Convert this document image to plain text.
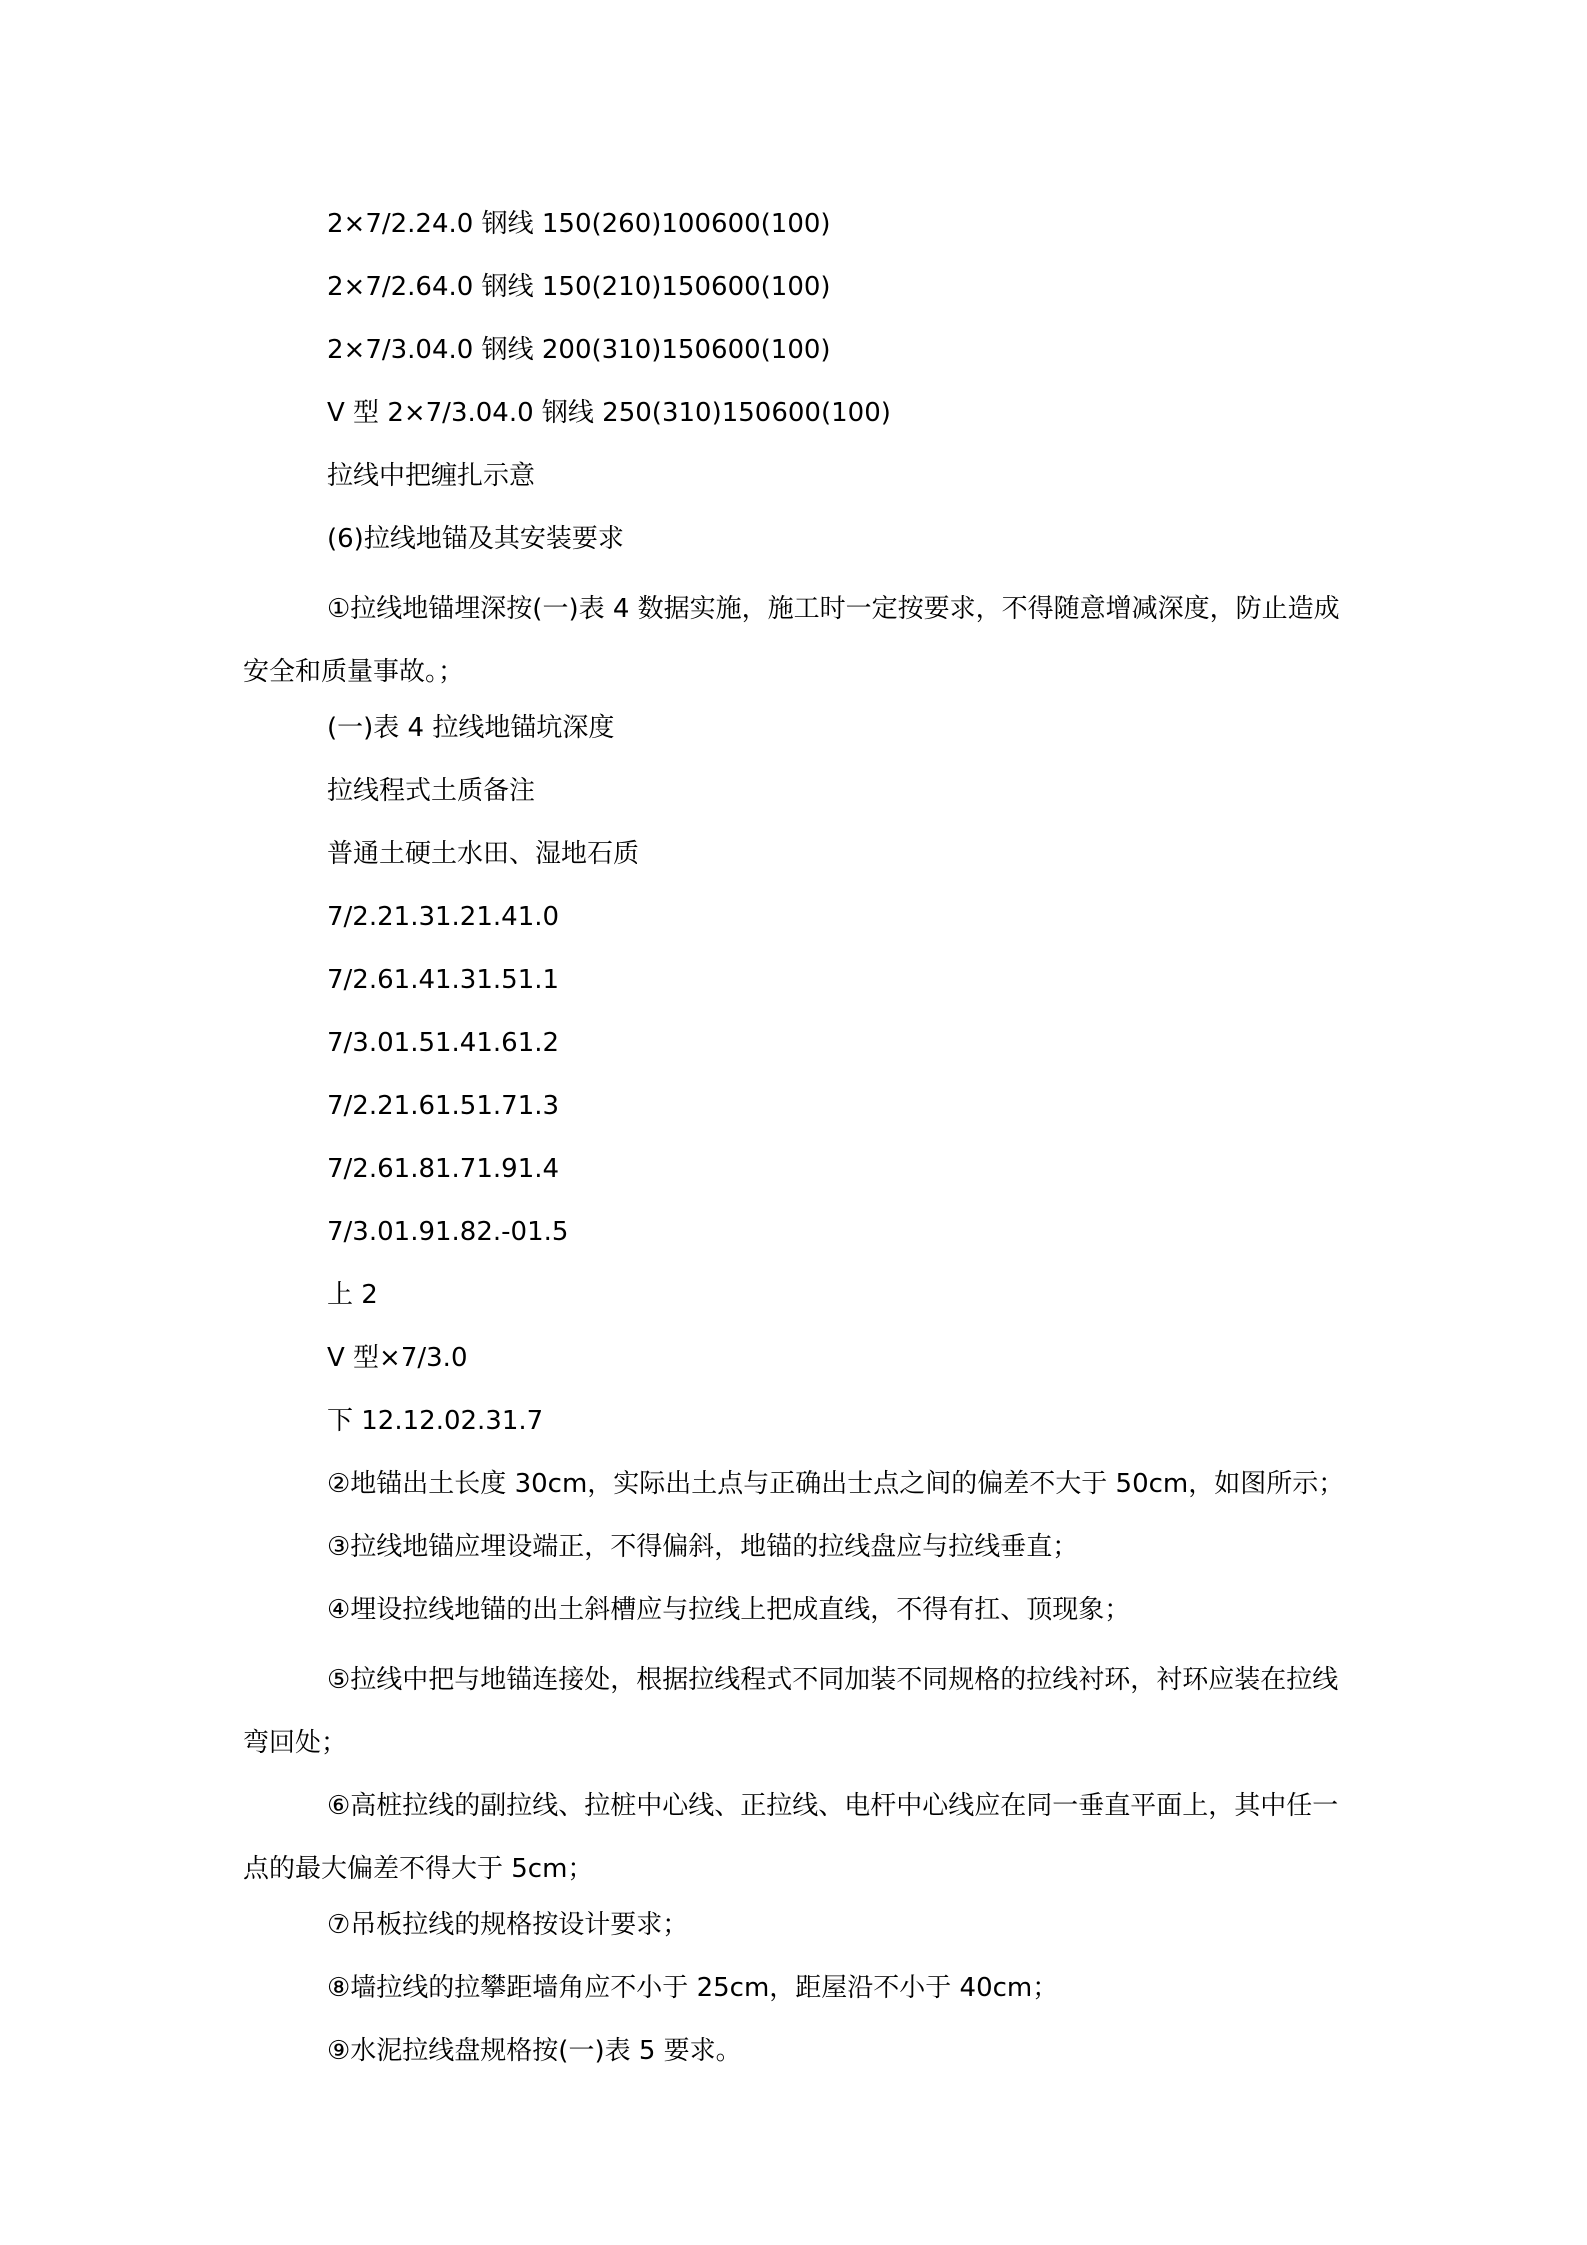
2×7/2.24.0 钢线 150(260)100600(100)

2×7/2.64.0 钢线 150(210)150600(100)

2×7/3.04.0 钢线 200(310)150600(100)

V 型 2×7/3.04.0 钢线 250(310)150600(100)

拉线中把缠扎示意

(6)拉线地锚及其安装要求

①拉线地锚埋深按(一)表 4 数据实施，施工时一定按要求，不得随意增减深度，防止造成安全和质量事故。；

(一)表 4 拉线地锚坑深度

拉线程式土质备注

普通土硬土水田、湿地石质

7/2.21.31.21.41.0

7/2.61.41.31.51.1

7/3.01.51.41.61.2

7/2.21.61.51.71.3

7/2.61.81.71.91.4

7/3.01.91.82.-01.5

上 2

V 型×7/3.0

下 12.12.02.31.7

②地锚出土长度 30cm，实际出土点与正确出士点之间的偏差不大于 50cm，如图所示；

③拉线地锚应埋设端正，不得偏斜，地锚的拉线盘应与拉线垂直；

④埋设拉线地锚的出土斜槽应与拉线上把成直线，不得有扛、顶现象；

⑤拉线中把与地锚连接处，根据拉线程式不同加装不同规格的拉线衬环，衬环应装在拉线弯回处；

⑥高桩拉线的副拉线、拉桩中心线、正拉线、电杆中心线应在同一垂直平面上，其中任一点的最大偏差不得大于 5cm；

⑦吊板拉线的规格按设计要求；

⑧墙拉线的拉攀距墙角应不小于 25cm，距屋沿不小于 40cm；

⑨水泥拉线盘规格按(一)表 5 要求。
